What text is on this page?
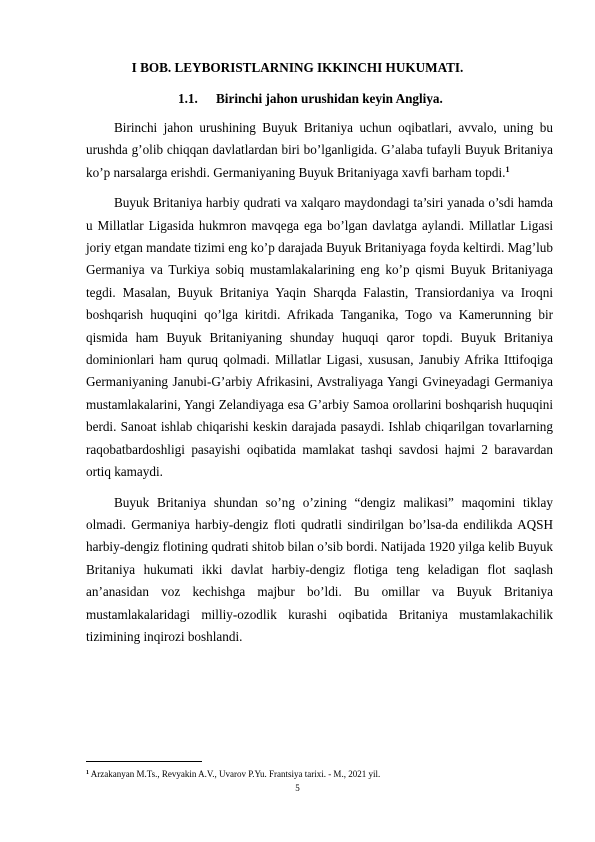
I BOB. LEYBORISTLARNING IKKINCHI HUKUMATI.
1.1. Birinchi jahon urushidan keyin Angliya.

Birinchi jahon urushining Buyuk Britaniya uchun oqibatlari, avvalo, uning bu urushda g’olib chiqqan davlatlardan biri bo’lganligida. G’alaba tufayli Buyuk Britaniya ko’p narsalarga erishdi. Germaniyaning Buyuk Britaniyaga xavfi barham topdi.$^1$

Buyuk Britaniya harbiy qudrati va xalqaro maydondagi ta’siri yanada o’sdi hamda u Millatlar Ligasida hukmron mavqega ega bo’lgan davlatga aylandi. Millatlar Ligasi joriy etgan mandate tizimi eng ko’p darajada Buyuk Britaniyaga foyda keltirdi. Mag’lub Germaniya va Turkiya sobiq mustamlakalarining eng ko’p qismi Buyuk Britaniyaga tegdi. Masalan, Buyuk Britaniya Yaqin Sharqda Falastin, Transiordaniya va Iroqni boshqarish huquqini qo’lga kiritdi. Afrikada Tanganika, Togo va Kamerunning bir qismida ham Buyuk Britaniyaning shunday huquqi qaror topdi. Buyuk Britaniya dominionlari ham quruq qolmadi. Millatlar Ligasi, xususan, Janubiy Afrika Ittifoqiga Germaniyaning Janubi-G’arbiy Afrikasini, Avstraliyaga Yangi Gvineyadagi Germaniya mustamlakalarini, Yangi Zelandiyaga esa G’arbiy Samoa orollarini boshqarish huquqini berdi. Sanoat ishlab chiqarishi keskin darajada pasaydi. Ishlab chiqarilgan tovarlarning raqobatbardoshligi pasayishi oqibatida mamlakat tashqi savdosi hajmi 2 baravardan ortiq kamaydi.

Buyuk Britaniya shundan so’ng o’zining “dengiz malikasi” maqomini tiklay olmadi. Germaniya harbiy-dengiz floti qudratli sindirilgan bo’lsa-da endilikda AQSH harbiy-dengiz flotining qudrati shitob bilan o’sib bordi. Natijada 1920 yilga kelib Buyuk Britaniya hukumati ikki davlat harbiy-dengiz flotiga teng keladigan flot saqlash an’anasidan voz kechishga majbur bo’ldi. Bu omillar va Buyuk Britaniya mustamlakalaridagi milliy-ozodlik kurashi oqibatida Britaniya mustamlakachilik tizimining inqirozi boshlandi.

$^1$ Arzakanyan M.Ts., Revyakin A.V., Uvarov P.Yu. Frantsiya tarixi. - M., 2021 yil.
5
